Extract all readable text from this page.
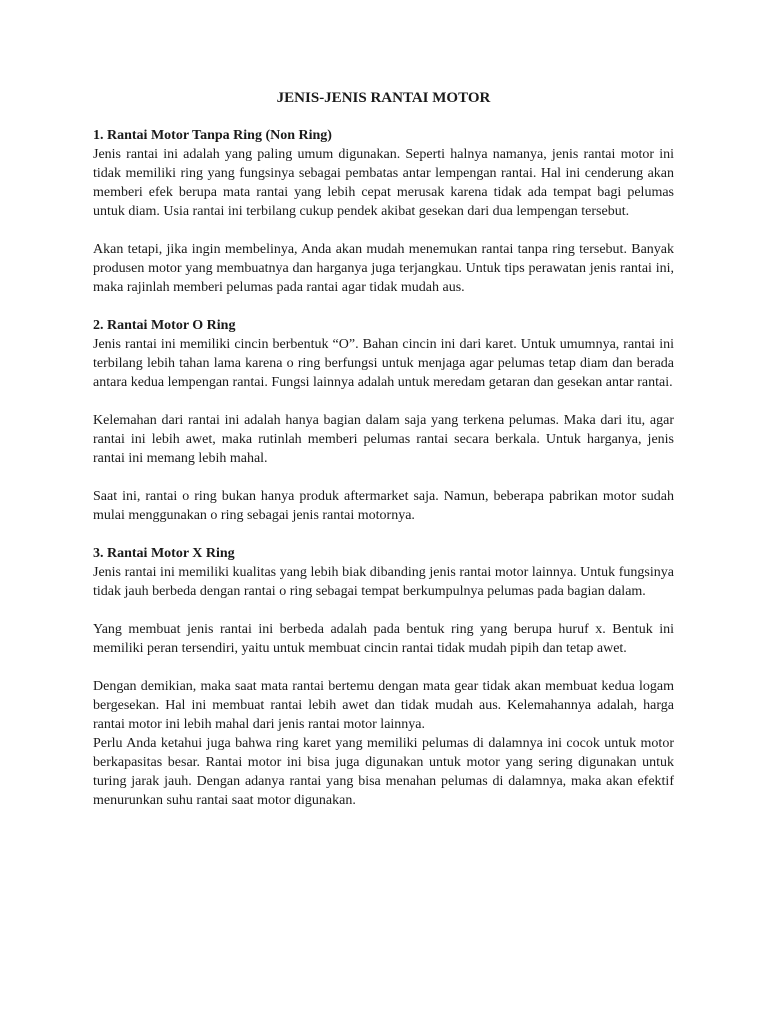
JENIS-JENIS RANTAI MOTOR

1. Rantai Motor Tanpa Ring (Non Ring)

Jenis rantai ini adalah yang paling umum digunakan. Seperti halnya namanya, jenis rantai motor ini tidak memiliki ring yang fungsinya sebagai pembatas antar lempengan rantai. Hal ini cenderung akan memberi efek berupa mata rantai yang lebih cepat merusak karena tidak ada tempat bagi pelumas untuk diam. Usia rantai ini terbilang cukup pendek akibat gesekan dari dua lempengan tersebut.

Akan tetapi, jika ingin membelinya, Anda akan mudah menemukan rantai tanpa ring tersebut. Banyak produsen motor yang membuatnya dan harganya juga terjangkau. Untuk tips perawatan jenis rantai ini, maka rajinlah memberi pelumas pada rantai agar tidak mudah aus.

2. Rantai Motor O Ring

Jenis rantai ini memiliki cincin berbentuk “O”. Bahan cincin ini dari karet. Untuk umumnya, rantai ini terbilang lebih tahan lama karena o ring berfungsi untuk menjaga agar pelumas tetap diam dan berada antara kedua lempengan rantai. Fungsi lainnya adalah untuk meredam getaran dan gesekan antar rantai.

Kelemahan dari rantai ini adalah hanya bagian dalam saja yang terkena pelumas. Maka dari itu, agar rantai ini lebih awet, maka rutinlah memberi pelumas rantai secara berkala. Untuk harganya, jenis rantai ini memang lebih mahal.

Saat ini, rantai o ring bukan hanya produk aftermarket saja. Namun, beberapa pabrikan motor sudah mulai menggunakan o ring sebagai jenis rantai motornya.

3. Rantai Motor X Ring

Jenis rantai ini memiliki kualitas yang lebih biak dibanding jenis rantai motor lainnya. Untuk fungsinya tidak jauh berbeda dengan rantai o ring sebagai tempat berkumpulnya pelumas pada bagian dalam.

Yang membuat jenis rantai ini berbeda adalah pada bentuk ring yang berupa huruf x. Bentuk ini memiliki peran tersendiri, yaitu untuk membuat cincin rantai tidak mudah pipih dan tetap awet.

Dengan demikian, maka saat mata rantai bertemu dengan mata gear tidak akan membuat kedua logam bergesekan. Hal ini membuat rantai lebih awet dan tidak mudah aus. Kelemahannya adalah, harga rantai motor ini lebih mahal dari jenis rantai motor lainnya.

Perlu Anda ketahui juga bahwa ring karet yang memiliki pelumas di dalamnya ini cocok untuk motor berkapasitas besar. Rantai motor ini bisa juga digunakan untuk motor yang sering digunakan untuk turing jarak jauh. Dengan adanya rantai yang bisa menahan pelumas di dalamnya, maka akan efektif menurunkan suhu rantai saat motor digunakan.
